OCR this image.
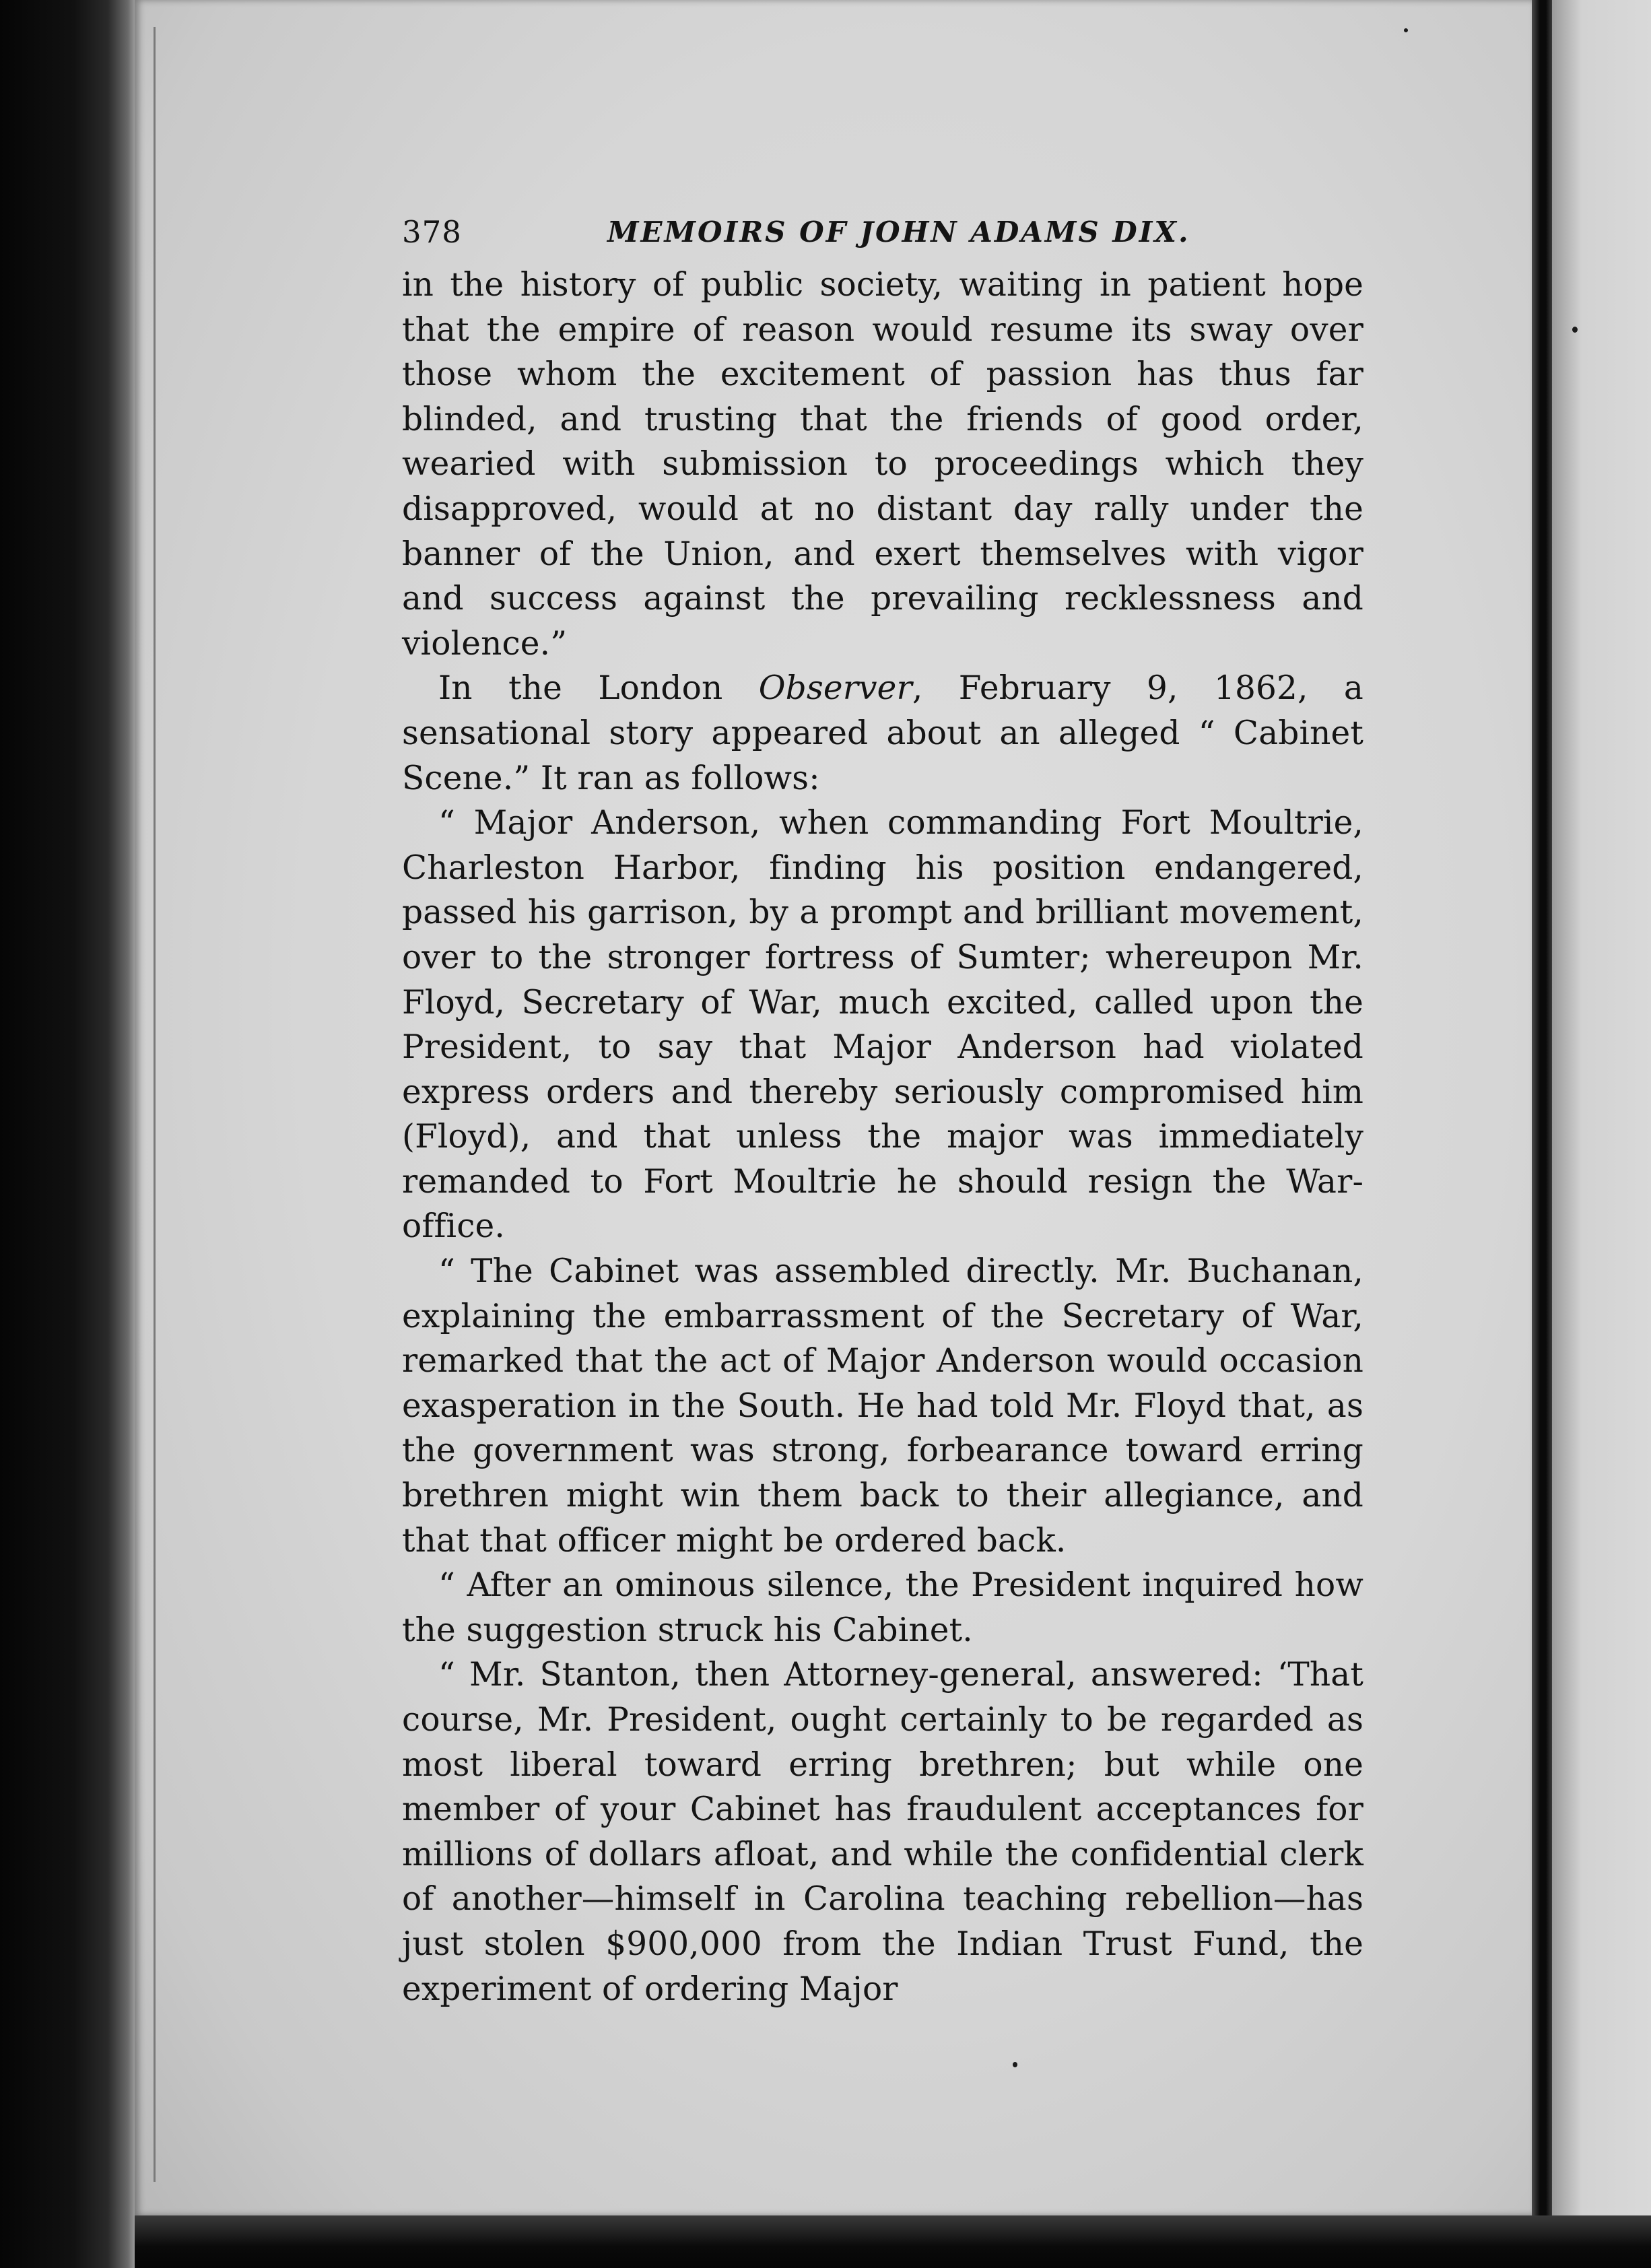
378	MEMOIRS OF JOHN ADAMS DIX.

in the history of public society, waiting in patient hope that the empire of reason would resume its sway over those whom the excitement of passion has thus far blinded, and trusting that the friends of good order, wearied with submission to proceedings which they disapproved, would at no distant day rally under the banner of the Union, and exert themselves with vigor and success against the prevailing recklessness and violence.”

In the London Observer, February 9, 1862, a sensational story appeared about an alleged “ Cabinet Scene.” It ran as follows:

“ Major Anderson, when commanding Fort Moultrie, Charleston Harbor, finding his position endangered, passed his garrison, by a prompt and brilliant movement, over to the stronger fortress of Sumter; whereupon Mr. Floyd, Secretary of War, much excited, called upon the President, to say that Major Anderson had violated express orders and thereby seriously compromised him (Floyd), and that unless the major was immediately remanded to Fort Moultrie he should resign the War-office.

“ The Cabinet was assembled directly. Mr. Buchanan, explaining the embarrassment of the Secretary of War, remarked that the act of Major Anderson would occasion exasperation in the South. He had told Mr. Floyd that, as the government was strong, forbearance toward erring brethren might win them back to their allegiance, and that that officer might be ordered back.

“ After an ominous silence, the President inquired how the suggestion struck his Cabinet.

“ Mr. Stanton, then Attorney-general, answered: ‘That course, Mr. President, ought certainly to be regarded as most liberal toward erring brethren; but while one member of your Cabinet has fraudulent acceptances for millions of dollars afloat, and while the confidential clerk of another—himself in Carolina teaching rebellion—has just stolen $900,000 from the Indian Trust Fund, the experiment of ordering Major
